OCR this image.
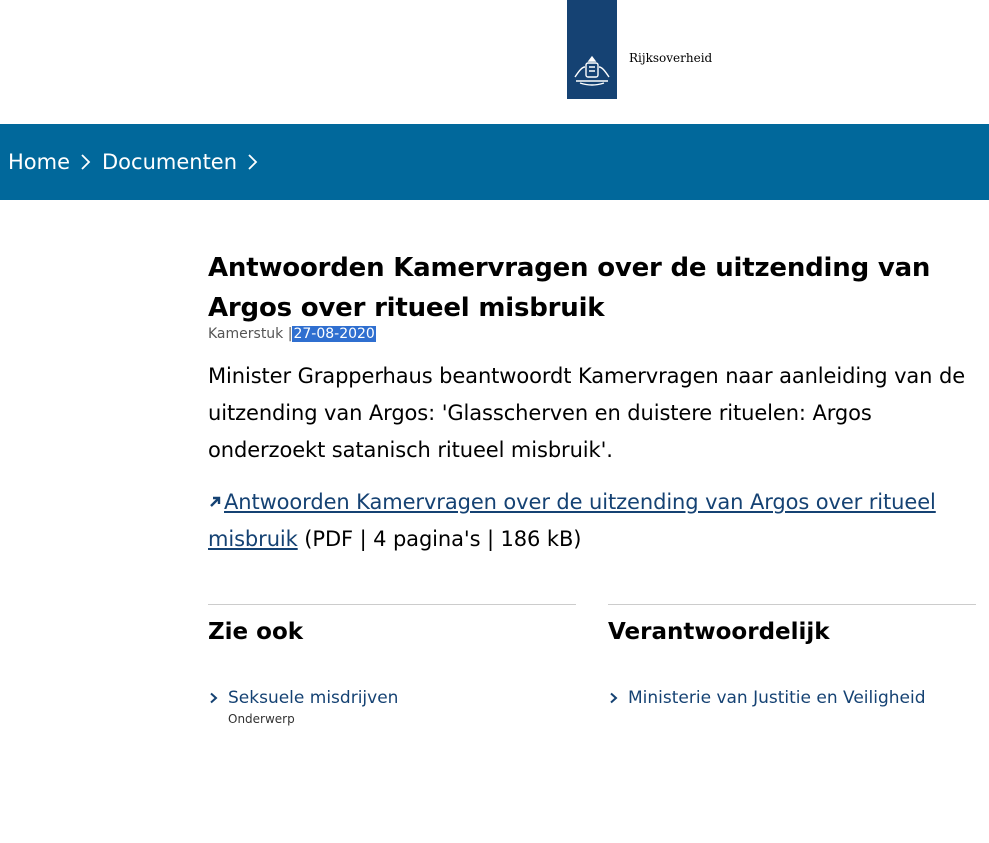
Rijksoverheid
Home Documenten
Antwoorden Kamervragen over de uitzending van Argos over ritueel misbruik
Kamerstuk |27-08-2020

Minister Grapperhaus beantwoordt Kamervragen naar aanleiding van de uitzending van Argos: 'Glasscherven en duistere rituelen: Argos onderzoekt satanisch ritueel misbruik'.

Antwoorden Kamervragen over de uitzending van Argos over ritueel misbruik (PDF | 4 pagina's | 186 kB)
Zie ook
Seksuele misdrijven
Onderwerp
Verantwoordelijk
Ministerie van Justitie en Veiligheid
